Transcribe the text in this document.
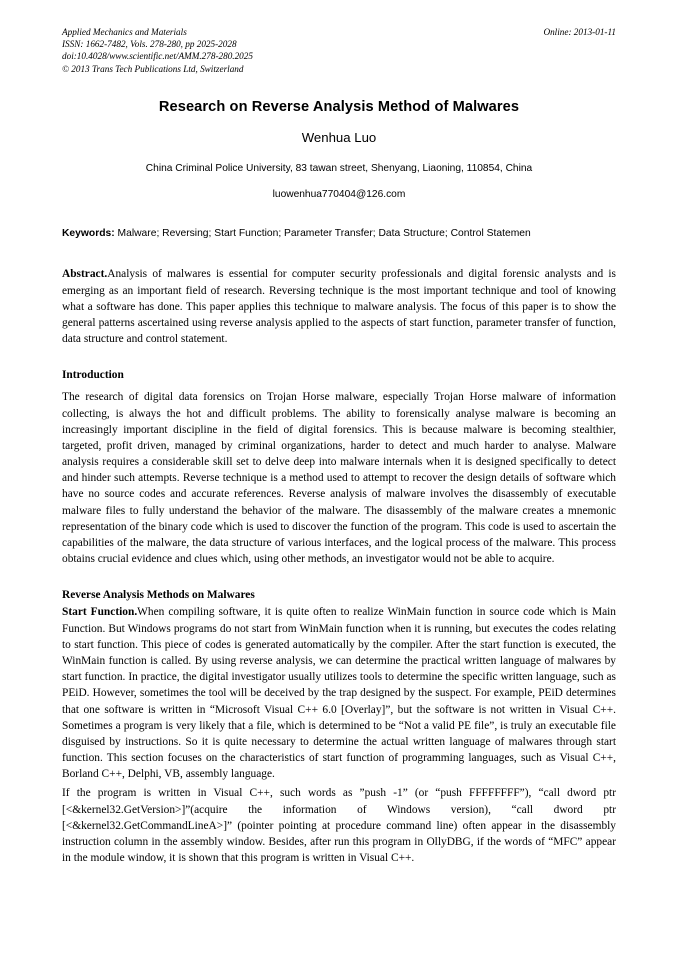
Applied Mechanics and Materials
ISSN: 1662-7482, Vols. 278-280, pp 2025-2028
doi:10.4028/www.scientific.net/AMM.278-280.2025
© 2013 Trans Tech Publications Ltd, Switzerland
Online: 2013-01-11
Research on Reverse Analysis Method of Malwares
Wenhua Luo
China Criminal Police University, 83 tawan street, Shenyang, Liaoning, 110854, China
luowenhua770404@126.com
Keywords: Malware; Reversing; Start Function; Parameter Transfer; Data Structure; Control Statemen
Abstract.Analysis of malwares is essential for computer security professionals and digital forensic analysts and is emerging as an important field of research. Reversing technique is the most important technique and tool of knowing what a software has done. This paper applies this technique to malware analysis. The focus of this paper is to show the general patterns ascertained using reverse analysis applied to the aspects of start function, parameter transfer of function, data structure and control statement.
Introduction
The research of digital data forensics on Trojan Horse malware, especially Trojan Horse malware of information collecting, is always the hot and difficult problems. The ability to forensically analyse malware is becoming an increasingly important discipline in the field of digital forensics. This is because malware is becoming stealthier, targeted, profit driven, managed by criminal organizations, harder to detect and much harder to analyse. Malware analysis requires a considerable skill set to delve deep into malware internals when it is designed specifically to detect and hinder such attempts. Reverse technique is a method used to attempt to recover the design details of software which have no source codes and accurate references. Reverse analysis of malware involves the disassembly of executable malware files to fully understand the behavior of the malware. The disassembly of the malware creates a mnemonic representation of the binary code which is used to discover the function of the program. This code is used to ascertain the capabilities of the malware, the data structure of various interfaces, and the logical process of the malware. This process obtains crucial evidence and clues which, using other methods, an investigator would not be able to acquire.
Reverse Analysis Methods on Malwares
Start Function.When compiling software, it is quite often to realize WinMain function in source code which is Main Function. But Windows programs do not start from WinMain function when it is running, but executes the codes relating to start function. This piece of codes is generated automatically by the compiler. After the start function is executed, the WinMain function is called. By using reverse analysis, we can determine the practical written language of malwares by start function. In practice, the digital investigator usually utilizes tools to determine the specific written language, such as PEiD. However, sometimes the tool will be deceived by the trap designed by the suspect. For example, PEiD determines that one software is written in “Microsoft Visual C++ 6.0 [Overlay]”, but the software is not written in Visual C++. Sometimes a program is very likely that a file, which is determined to be “Not a valid PE file”, is truly an executable file disguised by instructions. So it is quite necessary to determine the actual written language of malwares through start function. This section focuses on the characteristics of start function of programming languages, such as Visual C++, Borland C++, Delphi, VB, assembly language.
If the program is written in Visual C++, such words as ”push -1” (or “push FFFFFFFF”), “call dword ptr [<&kernel32.GetVersion>]”(acquire the information of Windows version), “call dword ptr [<&kernel32.GetCommandLineA>]” (pointer pointing at procedure command line) often appear in the disassembly instruction column in the assembly window. Besides, after run this program in OllyDBG, if the words of “MFC” appear in the module window, it is shown that this program is written in Visual C++.
